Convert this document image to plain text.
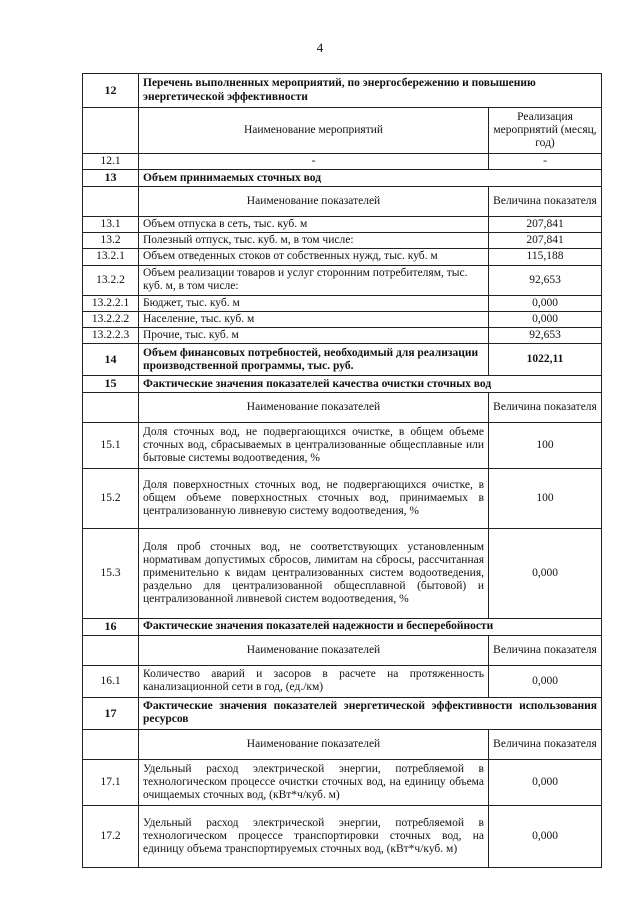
4
12	Перечень выполненных мероприятий, по энергосбережению и повышению энергетической эффективности	
	Наименование мероприятий	Реализация мероприятий (месяц, год)
12.1	-	-
13	Объем принимаемых сточных вод	
	Наименование показателей	Величина показателя
13.1	Объем отпуска в сеть, тыс. куб. м	207,841
13.2	Полезный отпуск, тыс. куб. м, в том числе:	207,841
13.2.1	Объем отведенных стоков от собственных нужд, тыс. куб. м	115,188
13.2.2	Объем реализации товаров и услуг сторонним потребителям, тыс. куб. м, в том числе:	92,653
13.2.2.1	Бюджет, тыс. куб. м	0,000
13.2.2.2	Население, тыс. куб. м	0,000
13.2.2.3	Прочие, тыс. куб. м	92,653
14	Объем финансовых потребностей, необходимый для реализации производственной программы, тыс. руб.	1022,11
15	Фактические значения показателей качества очистки сточных вод	
	Наименование показателей	Величина показателя
15.1	Доля сточных вод, не подвергающихся очистке, в общем объеме сточных вод, сбрасываемых в централизованные общесплавные или бытовые системы водоотведения, %	100
15.2	Доля поверхностных сточных вод, не подвергающихся очистке, в общем объеме поверхностных сточных вод, принимаемых в централизованную ливневую систему водоотведения, %	100
15.3	Доля проб сточных вод, не соответствующих установленным нормативам допустимых сбросов, лимитам на сбросы, рассчитанная применительно к видам централизованных систем водоотведения, раздельно для централизованной общесплавной (бытовой) и централизованной ливневой систем водоотведения, %	0,000
16	Фактические значения показателей надежности и бесперебойности	
	Наименование показателей	Величина показателя
16.1	Количество аварий и засоров в расчете на протяженность канализационной сети в год, (ед./км)	0,000
17	Фактические значения показателей энергетической эффективности использования ресурсов	
	Наименование показателей	Величина показателя
17.1	Удельный расход электрической энергии, потребляемой в технологическом процессе очистки сточных вод, на единицу объема очищаемых сточных вод, (кВт*ч/куб. м)	0,000
17.2	Удельный расход электрической энергии, потребляемой в технологическом процессе транспортировки сточных вод, на единицу объема транспортируемых сточных вод, (кВт*ч/куб. м)	0,000
